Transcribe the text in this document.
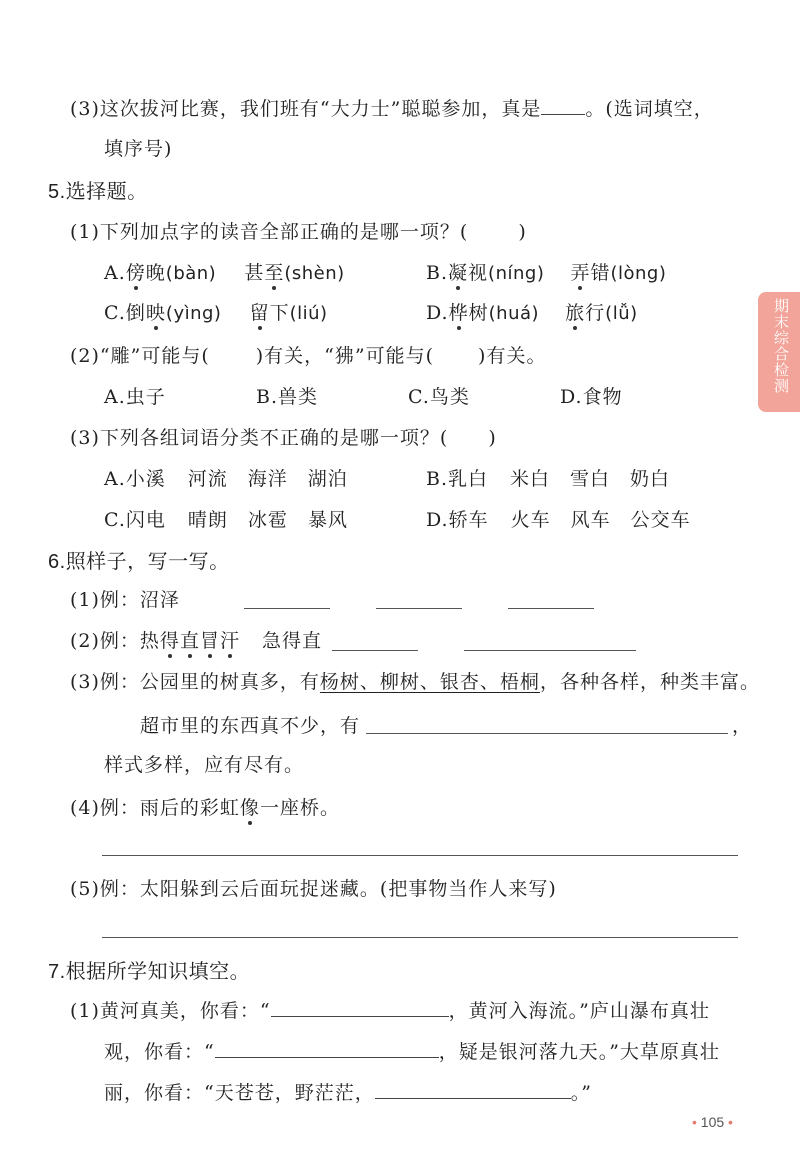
期末综合检测
(3)这次拔河比赛，我们班有“大力士”聪聪参加，真是 。(选词填空，
填序号)
5.选择题。
(1)下列加点字的读音全部正确的是哪一项？(	)
A.傍晚(bàn) 甚至(shèn)	B.凝视(níng) 弄错(lòng)
C.倒映(yìng) 留下(liú)	D.桦树(huá) 旅行(lǚ)
(2)“雕”可能与( )有关，“狒”可能与( )有关。
A.虫子	B.兽类	C.鸟类	D.食物
(3)下列各组词语分类不正确的是哪一项？( )
A.小溪 河流 海洋 湖泊	B.乳白 米白 雪白 奶白
C.闪电 晴朗 冰雹 暴风	D.轿车 火车 风车 公交车
6.照样子，写一写。
(1)例：沼泽
(2)例：热得直冒汗 急得直
(3)例：公园里的树真多，有杨树、柳树、银杏、梧桐，各种各样，种类丰富。
超市里的东西真不少，有	，
样式多样，应有尽有。
(4)例：雨后的彩虹像一座桥。
(5)例：太阳躲到云后面玩捉迷藏。(把事物当作人来写)
7.根据所学知识填空。
(1)黄河真美，你看：“	，黄河入海流。”庐山瀑布真壮
观，你看：“	，疑是银河落九天。”大草原真壮
丽，你看：“天苍苍，野茫茫，	。”
• 105 •
